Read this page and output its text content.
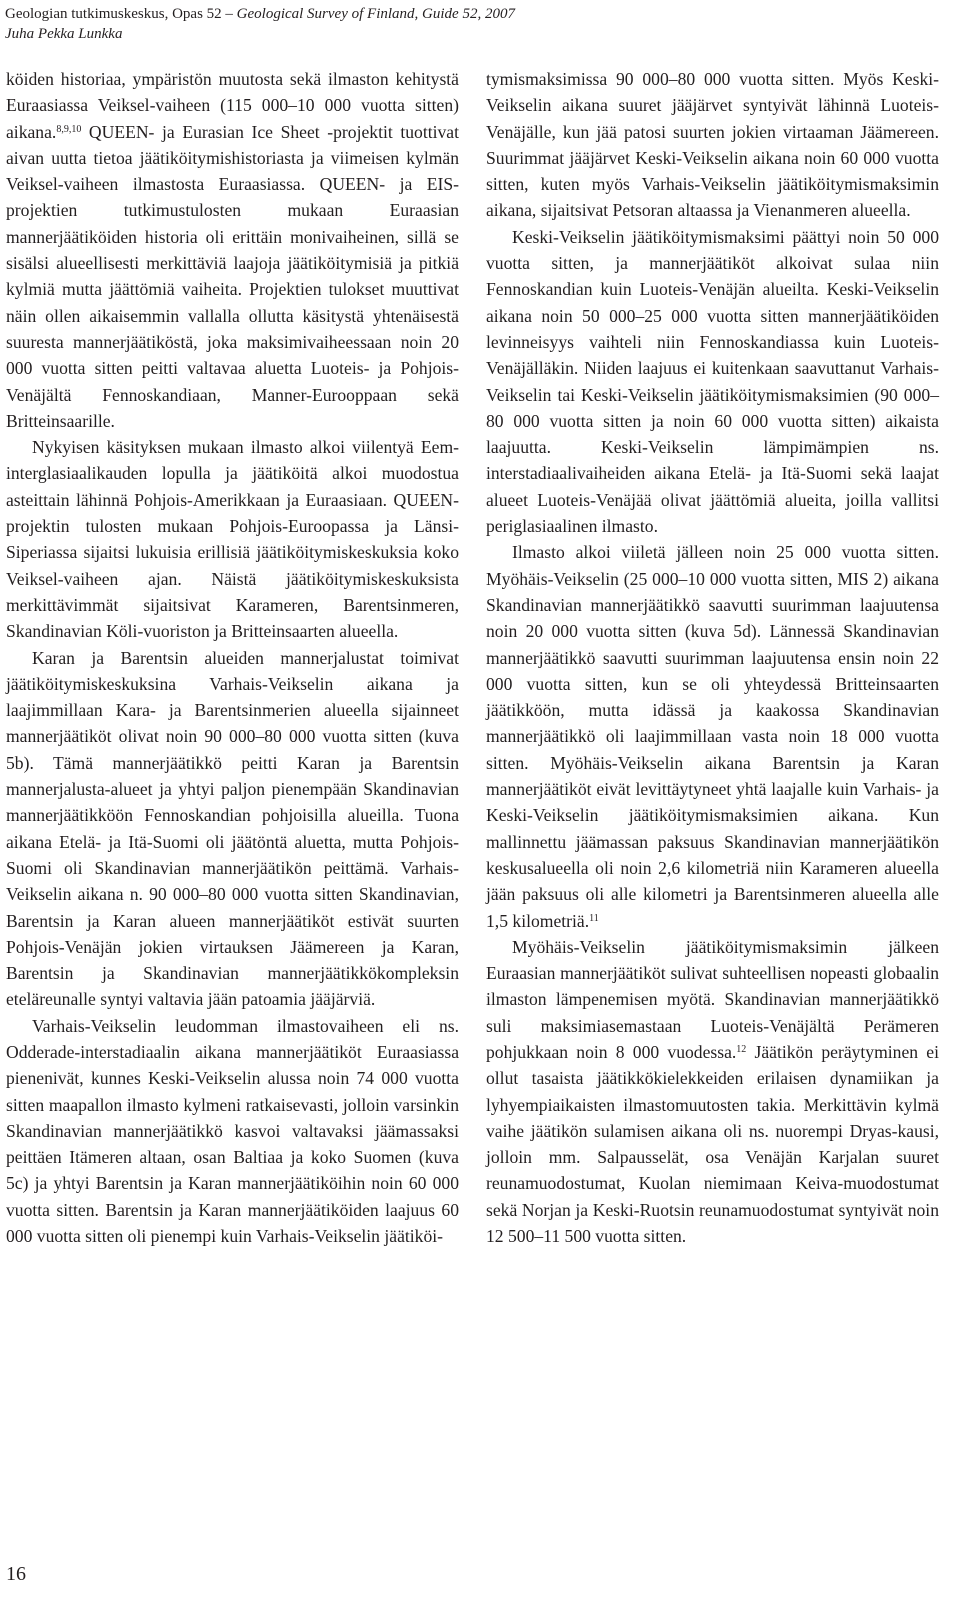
Geologian tutkimuskeskus, Opas 52 – Geological Survey of Finland, Guide 52, 2007
Juha Pekka Lunkka

köiden historiaa, ympäristön muutosta sekä ilmaston kehitystä Euraasiassa Veiksel-vaiheen (115 000–10 000 vuotta sitten) aikana.$^{8,9,10}$ QUEEN- ja Eurasian Ice Sheet -projektit tuottivat aivan uutta tietoa jäätiköitymishistoriasta ja viimeisen kylmän Veiksel-vaiheen ilmastosta Euraasiassa. QUEEN- ja EIS-projektien tutkimustulosten mukaan Euraasian mannerjäätiköiden historia oli erittäin monivaiheinen, sillä se sisälsi alueellisesti merkittäviä laajoja jäätiköitymisiä ja pitkiä kylmiä mutta jäättömiä vaiheita. Projektien tulokset muuttivat näin ollen aikaisemmin vallalla ollutta käsitystä yhtenäisestä suuresta mannerjäätiköstä, joka maksimivaiheessaan noin 20 000 vuotta sitten peitti valtavaa aluetta Luoteis- ja Pohjois-Venäjältä Fennoskandiaan, Manner-Eurooppaan sekä Britteinsaarille.

Nykyisen käsityksen mukaan ilmasto alkoi viilentyä Eem-interglasiaalikauden lopulla ja jäätiköitä alkoi muodostua asteittain lähinnä Pohjois-Amerikkaan ja Euraasiaan. QUEEN-projektin tulosten mukaan Pohjois-Euroopassa ja Länsi-Siperiassa sijaitsi lukuisia erillisiä jäätiköitymiskeskuksia koko Veiksel-vaiheen ajan. Näistä jäätiköitymiskeskuksista merkittävimmät sijaitsivat Karameren, Barentsinmeren, Skandinavian Köli-vuoriston ja Britteinsaarten alueella.

Karan ja Barentsin alueiden mannerjalustat toimivat jäätiköitymiskeskuksina Varhais-Veikselin aikana ja laajimmillaan Kara- ja Barentsinmerien alueella sijainneet mannerjäätiköt olivat noin 90 000–80 000 vuotta sitten (kuva 5b). Tämä mannerjäätikkö peitti Karan ja Barentsin mannerjalusta-alueet ja yhtyi paljon pienempään Skandinavian mannerjäätikköön Fennoskandian pohjoisilla alueilla. Tuona aikana Etelä- ja Itä-Suomi oli jäätöntä aluetta, mutta Pohjois-Suomi oli Skandinavian mannerjäätikön peittämä. Varhais-Veikselin aikana n. 90 000–80 000 vuotta sitten Skandinavian, Barentsin ja Karan alueen mannerjäätiköt estivät suurten Pohjois-Venäjän jokien virtauksen Jäämereen ja Karan, Barentsin ja Skandinavian mannerjäätikkökompleksin eteläreunalle syntyi valtavia jään patoamia jääjärviä.

Varhais-Veikselin leudomman ilmastovaiheen eli ns. Odderade-interstadiaalin aikana mannerjäätiköt Euraasiassa pienenivät, kunnes Keski-Veikselin alussa noin 74 000 vuotta sitten maapallon ilmasto kylmeni ratkaisevasti, jolloin varsinkin Skandinavian mannerjäätikkö kasvoi valtavaksi jäämassaksi peittäen Itämeren altaan, osan Baltiaa ja koko Suomen (kuva 5c) ja yhtyi Barentsin ja Karan mannerjäätiköihin noin 60 000 vuotta sitten. Barentsin ja Karan mannerjäätiköiden laajuus 60 000 vuotta sitten oli pienempi kuin Varhais-Veikselin jäätiköi-

tymismaksimissa 90 000–80 000 vuotta sitten. Myös Keski-Veikselin aikana suuret jääjärvet syntyivät lähinnä Luoteis-Venäjälle, kun jää patosi suurten jokien virtaaman Jäämereen. Suurimmat jääjärvet Keski-Veikselin aikana noin 60 000 vuotta sitten, kuten myös Varhais-Veikselin jäätiköitymismaksimin aikana, sijaitsivat Petsoran altaassa ja Vienanmeren alueella.

Keski-Veikselin jäätiköitymismaksimi päättyi noin 50 000 vuotta sitten, ja mannerjäätiköt alkoivat sulaa niin Fennoskandian kuin Luoteis-Venäjän alueilta. Keski-Veikselin aikana noin 50 000–25 000 vuotta sitten mannerjäätiköiden levinneisyys vaihteli niin Fennoskandiassa kuin Luoteis-Venäjälläkin. Niiden laajuus ei kuitenkaan saavuttanut Varhais-Veikselin tai Keski-Veikselin jäätiköitymismaksimien (90 000–80 000 vuotta sitten ja noin 60 000 vuotta sitten) aikaista laajuutta. Keski-Veikselin lämpimämpien ns. interstadiaalivaiheiden aikana Etelä- ja Itä-Suomi sekä laajat alueet Luoteis-Venäjää olivat jäättömiä alueita, joilla vallitsi periglasiaalinen ilmasto.

Ilmasto alkoi viiletä jälleen noin 25 000 vuotta sitten. Myöhäis-Veikselin (25 000–10 000 vuotta sitten, MIS 2) aikana Skandinavian mannerjäätikkö saavutti suurimman laajuutensa noin 20 000 vuotta sitten (kuva 5d). Lännessä Skandinavian mannerjäätikkö saavutti suurimman laajuutensa ensin noin 22 000 vuotta sitten, kun se oli yhteydessä Britteinsaarten jäätikköön, mutta idässä ja kaakossa Skandinavian mannerjäätikkö oli laajimmillaan vasta noin 18 000 vuotta sitten. Myöhäis-Veikselin aikana Barentsin ja Karan mannerjäätiköt eivät levittäytyneet yhtä laajalle kuin Varhais- ja Keski-Veikselin jäätiköitymismaksimien aikana. Kun mallinnettu jäämassan paksuus Skandinavian mannerjäätikön keskusalueella oli noin 2,6 kilometriä niin Karameren alueella jään paksuus oli alle kilometri ja Barentsinmeren alueella alle 1,5 kilometriä.$^{11}$

Myöhäis-Veikselin jäätiköitymismaksimin jälkeen Euraasian mannerjäätiköt sulivat suhteellisen nopeasti globaalin ilmaston lämpenemisen myötä. Skandinavian mannerjäätikkö suli maksimiasemastaan Luoteis-Venäjältä Perämeren pohjukkaan noin 8 000 vuodessa.$^{12}$ Jäätikön peräytyminen ei ollut tasaista jäätikkökielekkeiden erilaisen dynamiikan ja lyhyempiaikaisten ilmastomuutosten takia. Merkittävin kylmä vaihe jäätikön sulamisen aikana oli ns. nuorempi Dryas-kausi, jolloin mm. Salpausselät, osa Venäjän Karjalan suuret reunamuodostumat, Kuolan niemimaan Keiva-muodostumat sekä Norjan ja Keski-Ruotsin reunamuodostumat syntyivät noin 12 500–11 500 vuotta sitten.

16
